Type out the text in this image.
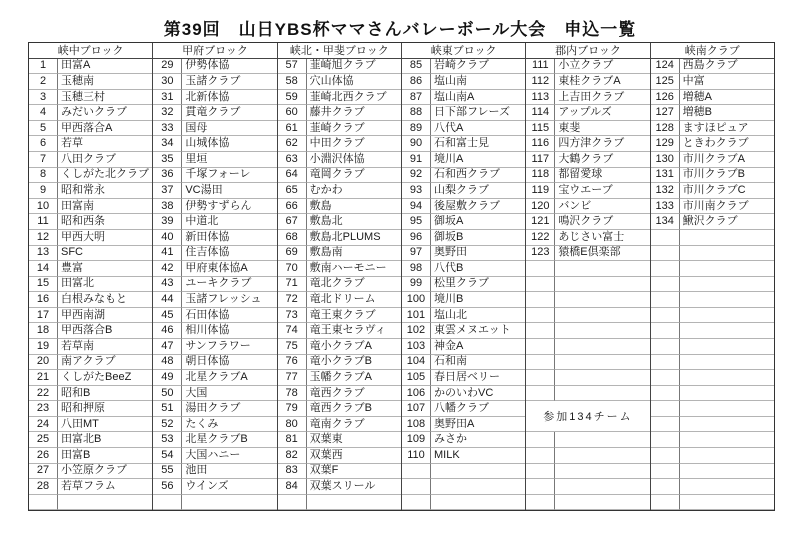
第39回　山日YBS杯ママさんバレーボール大会　申込一覧
峡中ブロック
1	田富A
2	玉穂南
3	玉穂三村
4	みだいクラブ
5	甲西落合A
6	若草
7	八田クラブ
8	くしがた北クラブ
9	昭和常永
10	田富南
11	昭和西条
12	甲西大明
13	SFC
14	豊富
15	田富北
16	白根みなもと
17	甲西南湖
18	甲西落合B
19	若草南
20	南アクラブ
21	くしがたBeeZ
22	昭和B
23	昭和押原
24	八田MT
25	田富北B
26	田富B
27	小笠原クラブ
28	若草フラム
甲府ブロック
29	伊勢体協
30	玉諸クラブ
31	北新体協
32	貫竜クラブ
33	国母
34	山城体協
35	里垣
36	千塚フォーレ
37	VC湯田
38	伊勢すずらん
39	中道北
40	新田体協
41	住吉体協
42	甲府東体協A
43	ユーキクラブ
44	玉諸フレッシュ
45	石田体協
46	相川体協
47	サンフラワー
48	朝日体協
49	北星クラブA
50	大国
51	湯田クラブ
52	たくみ
53	北星クラブB
54	大国ハニー
55	池田
56	ウインズ
峡北・甲斐ブロック
57	韮崎旭クラブ
58	穴山体協
59	韮崎北西クラブ
60	藤井クラブ
61	韮崎クラブ
62	中田クラブ
63	小淵沢体協
64	竜岡クラブ
65	むかわ
66	敷島
67	敷島北
68	敷島北PLUMS
69	敷島南
70	敷南ハーモニー
71	竜北クラブ
72	竜北ドリーム
73	竜王東クラブ
74	竜王東セラヴィ
75	竜小クラブA
76	竜小クラブB
77	玉幡クラブA
78	竜西クラブ
79	竜西クラブB
80	竜南クラブ
81	双葉東
82	双葉西
83	双葉F
84	双葉スリール
峡東ブロック
85	岩崎クラブ
86	塩山南
87	塩山南A
88	日下部フレーズ
89	八代A
90	石和富士見
91	境川A
92	石和西クラブ
93	山梨クラブ
94	後屋敷クラブ
95	御坂A
96	御坂B
97	奥野田
98	八代B
99	松里クラブ
100 境川B
101 塩山北
102 東雲メヌエット
103 神金A
104 石和南
105 春日居ベリー
106 かのいわVC
107 八幡クラブ
108 奥野田A
109 みさか
110 MILK
郡内ブロック
111 小立クラブ
112 東桂クラブA
113 上吉田クラブ
114 アップルズ
115 東斐
116 四方津クラブ
117 大鶴クラブ
118 都留愛球
119 宝ウエーブ
120 バンビ
121 鳴沢クラブ
122 あじさい富士
123 猿橋E倶楽部
参加134チーム
峡南クラブ
124 西島クラブ
125 中富
126 増穂A
127 増穂B
128 ますほピュア
129 ときわクラブ
130 市川クラブA
131 市川クラブB
132 市川クラブC
133 市川南クラブ
134 鰍沢クラブ
